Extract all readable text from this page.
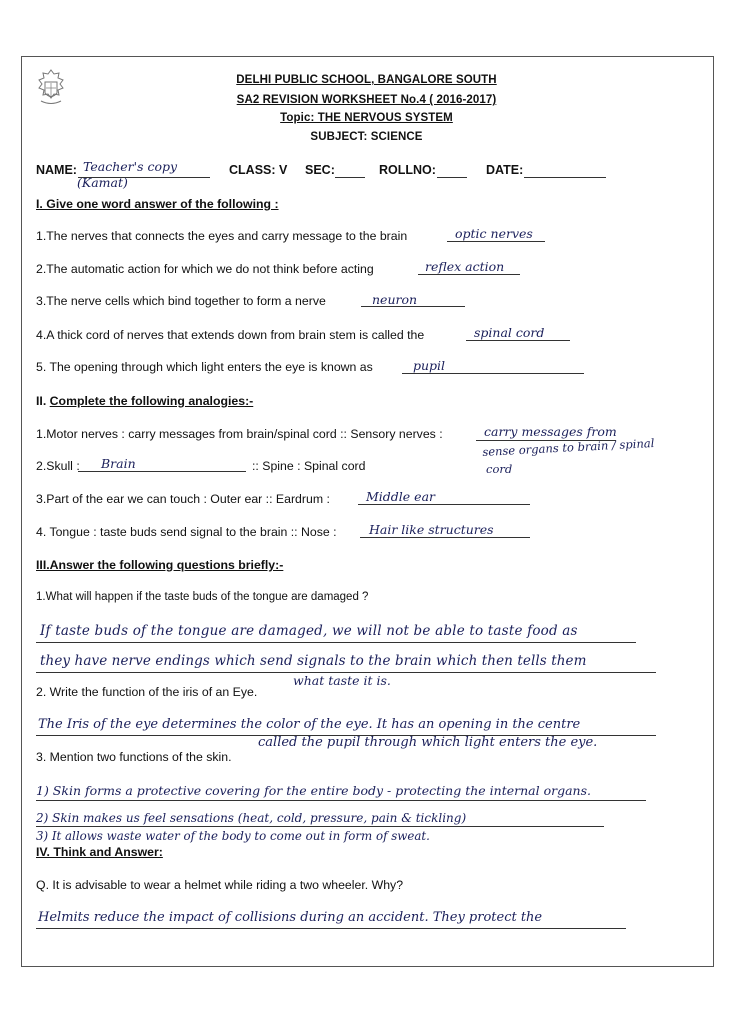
DELHI PUBLIC SCHOOL, BANGALORE SOUTH
SA2 REVISION WORKSHEET No.4 ( 2016-2017)
Topic: THE NERVOUS SYSTEM
SUBJECT: SCIENCE
NAME: Teacher's copy
(Kamat)
CLASS: V SEC:	ROLLNO:	DATE:
I. Give one word answer of the following :
1.The nerves that connects the eyes and carry message to the brain	optic nerves
2.The automatic action for which we do not think before acting	reflex action
3.The nerve cells which bind together to form a nerve	neuron
4.A thick cord of nerves that extends down from brain stem is called the	spinal cord
5. The opening through which light enters the eye is known as	pupil
II. Complete the following analogies:-
1.Motor nerves : carry messages from brain/spinal cord :: Sensory nerves :	carry messages from
sense organs to brain / spinal
cord
2.Skull : Brain	:: Spine : Spinal cord
3.Part of the ear we can touch : Outer ear :: Eardrum :	Middle ear
4. Tongue : taste buds send signal to the brain :: Nose :	Hair like structures
III.Answer the following questions briefly:-
1.What will happen if the taste buds of the tongue are damaged ?
If taste buds of the tongue are damaged, we will not be able to taste food as
they have nerve endings which send signals to the brain which then tells them
what taste it is.
2. Write the function of the iris of an Eye.
The Iris of the eye determines the color of the eye. It has an opening in the centre
called the pupil through which light enters the eye.
3. Mention two functions of the skin.
1) Skin forms a protective covering for the entire body - protecting the internal organs.
2) Skin makes us feel sensations (heat, cold, pressure, pain & tickling)
3) It allows waste water of the body to come out in form of sweat.
IV. Think and Answer:
Q. It is advisable to wear a helmet while riding a two wheeler. Why?
Helmits reduce the impact of collisions during an accident. They protect the
